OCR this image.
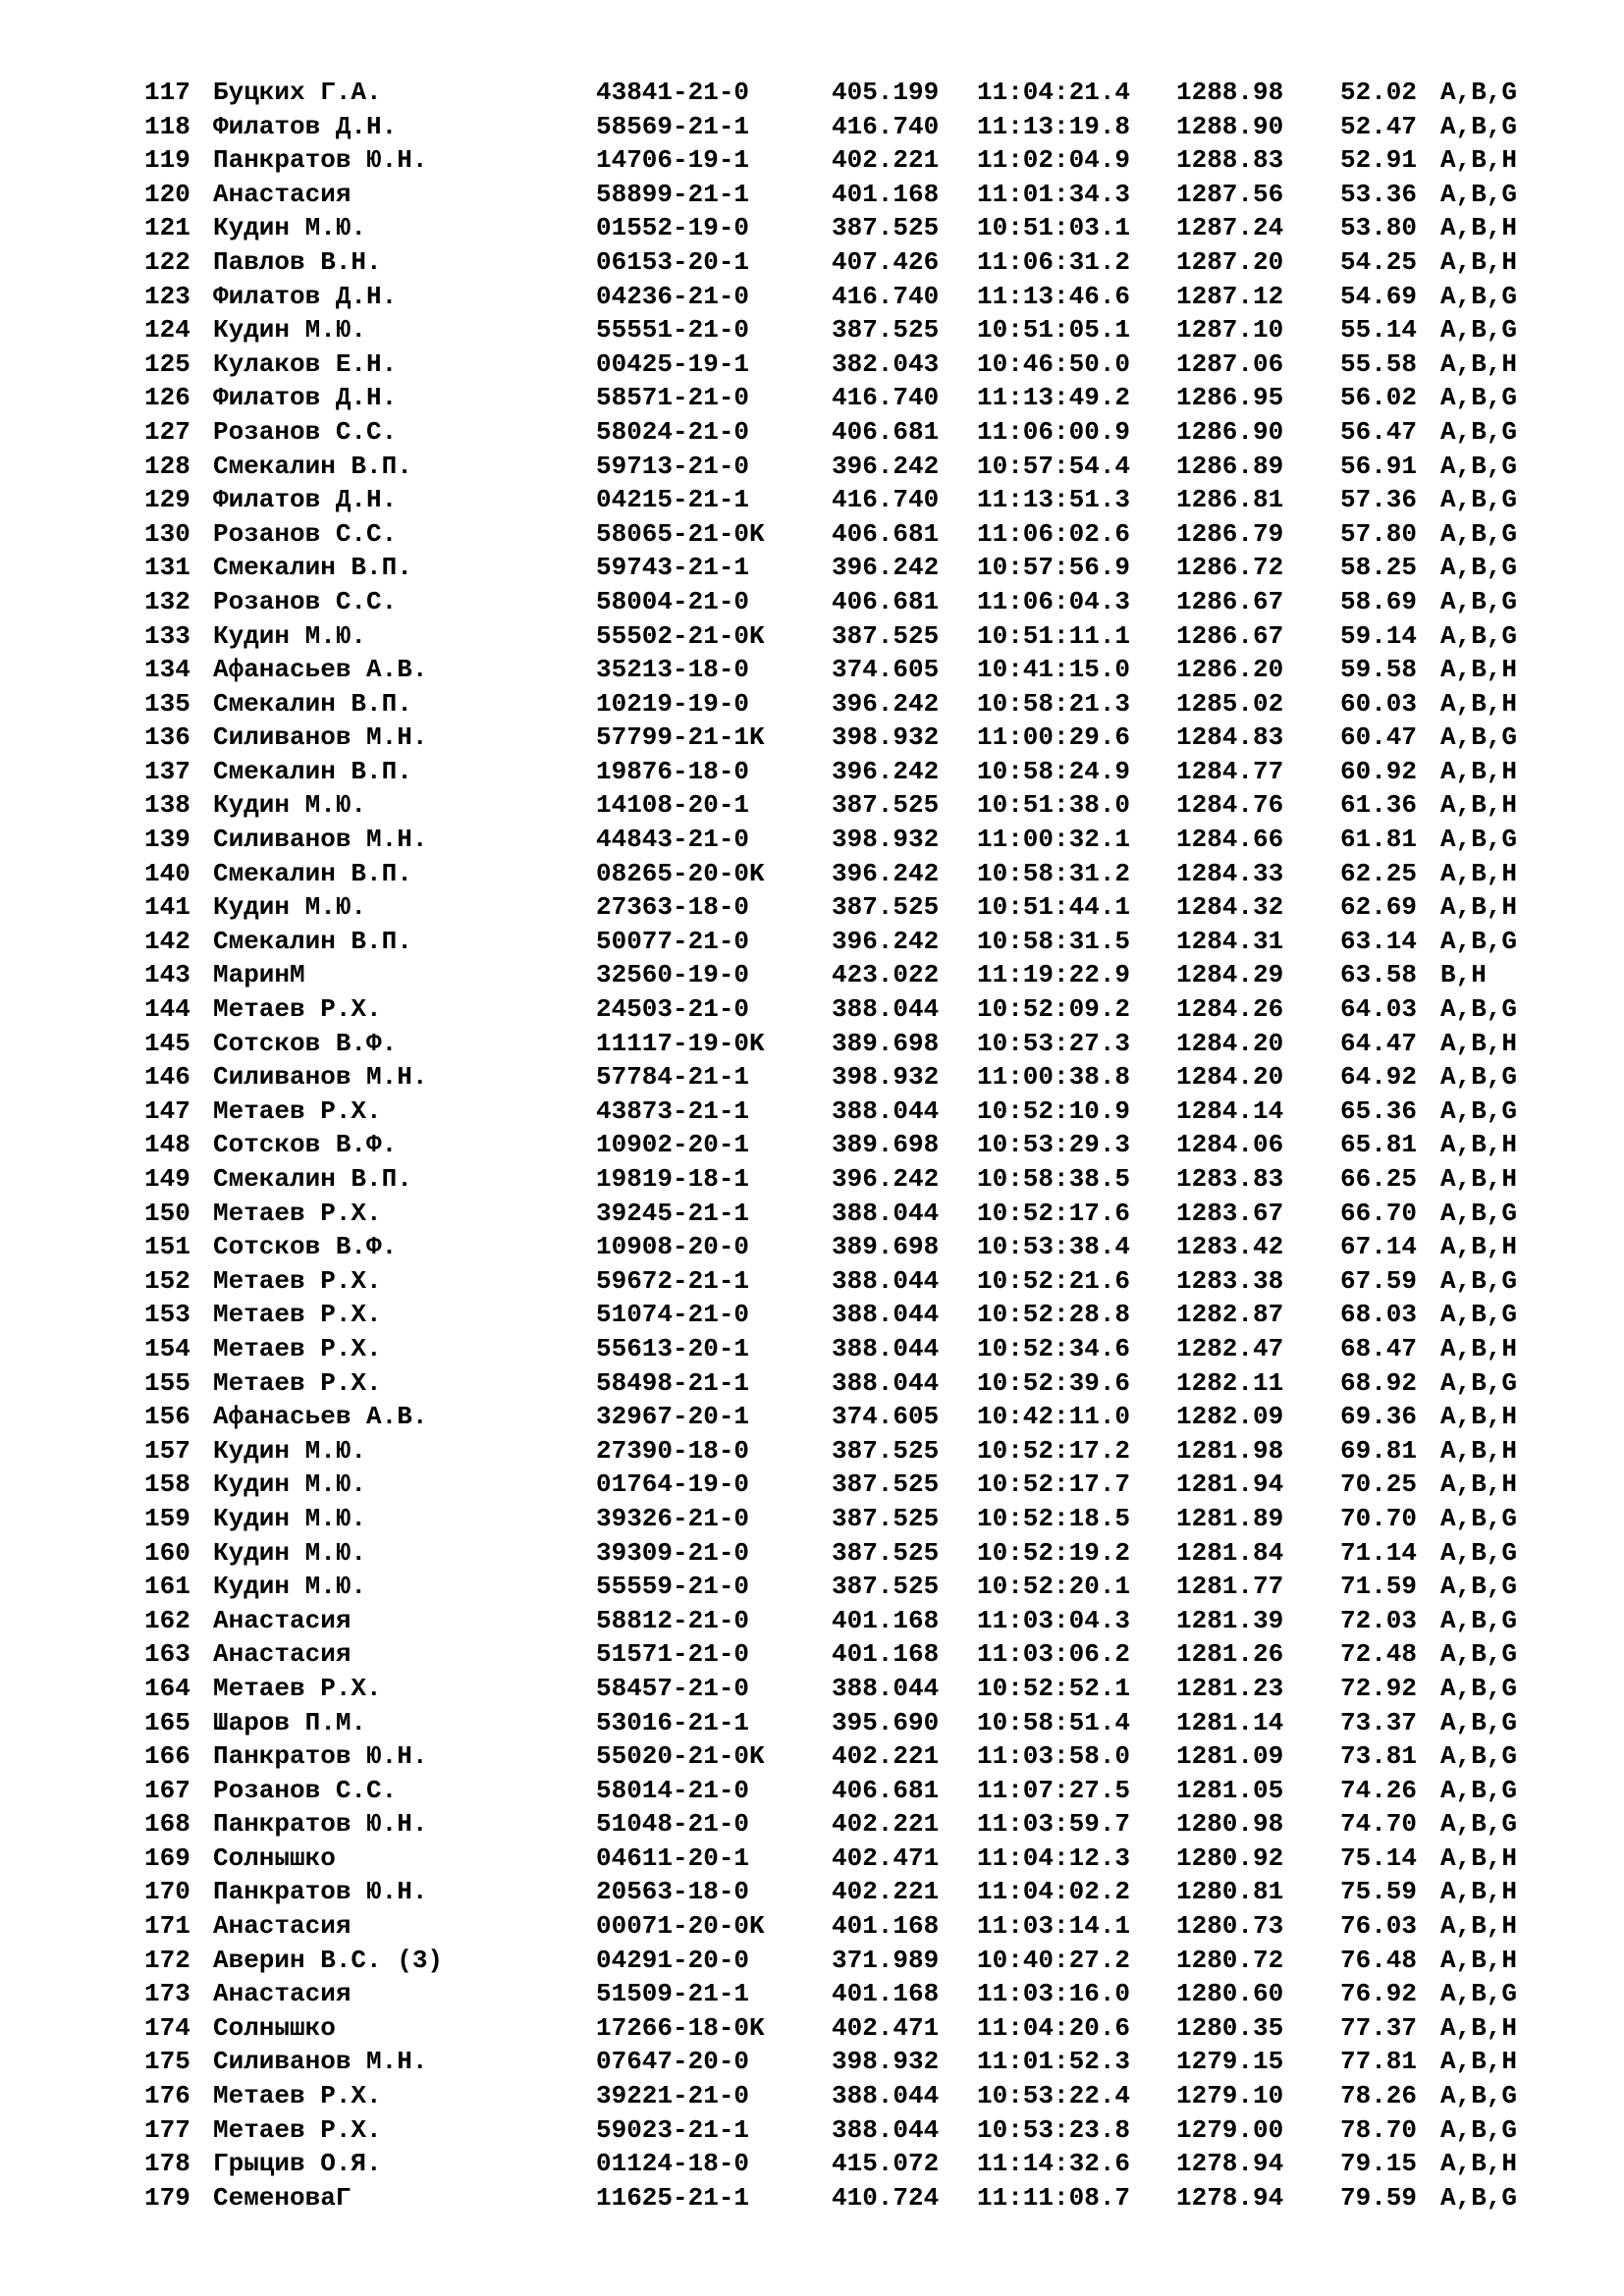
117 Буцких Г.А.	43841-21-0	405.199 11:04:21.4 1288.98 52.02 A,B,G
118 Филатов Д.Н.	58569-21-1	416.740 11:13:19.8 1288.90 52.47 A,B,G
119 Панкратов Ю.Н.	14706-19-1	402.221 11:02:04.9 1288.83 52.91 A,B,H
120 Анастасия	58899-21-1	401.168 11:01:34.3 1287.56 53.36 A,B,G
121 Кудин М.Ю.	01552-19-0	387.525 10:51:03.1 1287.24 53.80 A,B,H
122 Павлов В.Н.	06153-20-1	407.426 11:06:31.2 1287.20 54.25 A,B,H
123 Филатов Д.Н.	04236-21-0	416.740 11:13:46.6 1287.12 54.69 A,B,G
124 Кудин М.Ю.	55551-21-0	387.525 10:51:05.1 1287.10 55.14 A,B,G
125 Кулаков Е.Н.	00425-19-1	382.043 10:46:50.0 1287.06 55.58 A,B,H
126 Филатов Д.Н.	58571-21-0	416.740 11:13:49.2 1286.95 56.02 A,B,G
127 Розанов С.С.	58024-21-0	406.681 11:06:00.9 1286.90 56.47 A,B,G
128 Смекалин В.П.	59713-21-0	396.242 10:57:54.4 1286.89 56.91 A,B,G
129 Филатов Д.Н.	04215-21-1	416.740 11:13:51.3 1286.81 57.36 A,B,G
130 Розанов С.С.	58065-21-0K	406.681 11:06:02.6 1286.79 57.80 A,B,G
131 Смекалин В.П.	59743-21-1	396.242 10:57:56.9 1286.72 58.25 A,B,G
132 Розанов С.С.	58004-21-0	406.681 11:06:04.3 1286.67 58.69 A,B,G
133 Кудин М.Ю.	55502-21-0K	387.525 10:51:11.1 1286.67 59.14 A,B,G
134 Афанасьев А.В.	35213-18-0	374.605 10:41:15.0 1286.20 59.58 A,B,H
135 Смекалин В.П.	10219-19-0	396.242 10:58:21.3 1285.02 60.03 A,B,H
136 Силиванов М.Н.	57799-21-1K	398.932 11:00:29.6 1284.83 60.47 A,B,G
137 Смекалин В.П.	19876-18-0	396.242 10:58:24.9 1284.77 60.92 A,B,H
138 Кудин М.Ю.	14108-20-1	387.525 10:51:38.0 1284.76 61.36 A,B,H
139 Силиванов М.Н.	44843-21-0	398.932 11:00:32.1 1284.66 61.81 A,B,G
140 Смекалин В.П.	08265-20-0K	396.242 10:58:31.2 1284.33 62.25 A,B,H
141 Кудин М.Ю.	27363-18-0	387.525 10:51:44.1 1284.32 62.69 A,B,H
142 Смекалин В.П.	50077-21-0	396.242 10:58:31.5 1284.31 63.14 A,B,G
143 МаринМ	32560-19-0	423.022 11:19:22.9 1284.29 63.58 B,H
144 Метаев Р.Х.	24503-21-0	388.044 10:52:09.2 1284.26 64.03 A,B,G
145 Сотсков В.Ф.	11117-19-0K	389.698 10:53:27.3 1284.20 64.47 A,B,H
146 Силиванов М.Н.	57784-21-1	398.932 11:00:38.8 1284.20 64.92 A,B,G
147 Метаев Р.Х.	43873-21-1	388.044 10:52:10.9 1284.14 65.36 A,B,G
148 Сотсков В.Ф.	10902-20-1	389.698 10:53:29.3 1284.06 65.81 A,B,H
149 Смекалин В.П.	19819-18-1	396.242 10:58:38.5 1283.83 66.25 A,B,H
150 Метаев Р.Х.	39245-21-1	388.044 10:52:17.6 1283.67 66.70 A,B,G
151 Сотсков В.Ф.	10908-20-0	389.698 10:53:38.4 1283.42 67.14 A,B,H
152 Метаев Р.Х.	59672-21-1	388.044 10:52:21.6 1283.38 67.59 A,B,G
153 Метаев Р.Х.	51074-21-0	388.044 10:52:28.8 1282.87 68.03 A,B,G
154 Метаев Р.Х.	55613-20-1	388.044 10:52:34.6 1282.47 68.47 A,B,H
155 Метаев Р.Х.	58498-21-1	388.044 10:52:39.6 1282.11 68.92 A,B,G
156 Афанасьев А.В.	32967-20-1	374.605 10:42:11.0 1282.09 69.36 A,B,H
157 Кудин М.Ю.	27390-18-0	387.525 10:52:17.2 1281.98 69.81 A,B,H
158 Кудин М.Ю.	01764-19-0	387.525 10:52:17.7 1281.94 70.25 A,B,H
159 Кудин М.Ю.	39326-21-0	387.525 10:52:18.5 1281.89 70.70 A,B,G
160 Кудин М.Ю.	39309-21-0	387.525 10:52:19.2 1281.84 71.14 A,B,G
161 Кудин М.Ю.	55559-21-0	387.525 10:52:20.1 1281.77 71.59 A,B,G
162 Анастасия	58812-21-0	401.168 11:03:04.3 1281.39 72.03 A,B,G
163 Анастасия	51571-21-0	401.168 11:03:06.2 1281.26 72.48 A,B,G
164 Метаев Р.Х.	58457-21-0	388.044 10:52:52.1 1281.23 72.92 A,B,G
165 Шаров П.М.	53016-21-1	395.690 10:58:51.4 1281.14 73.37 A,B,G
166 Панкратов Ю.Н.	55020-21-0K	402.221 11:03:58.0 1281.09 73.81 A,B,G
167 Розанов С.С.	58014-21-0	406.681 11:07:27.5 1281.05 74.26 A,B,G
168 Панкратов Ю.Н.	51048-21-0	402.221 11:03:59.7 1280.98 74.70 A,B,G
169 Солнышко	04611-20-1	402.471 11:04:12.3 1280.92 75.14 A,B,H
170 Панкратов Ю.Н.	20563-18-0	402.221 11:04:02.2 1280.81 75.59 A,B,H
171 Анастасия	00071-20-0K	401.168 11:03:14.1 1280.73 76.03 A,B,H
172 Аверин В.С. (3)	04291-20-0	371.989 10:40:27.2 1280.72 76.48 A,B,H
173 Анастасия	51509-21-1	401.168 11:03:16.0 1280.60 76.92 A,B,G
174 Солнышко	17266-18-0K	402.471 11:04:20.6 1280.35 77.37 A,B,H
175 Силиванов М.Н.	07647-20-0	398.932 11:01:52.3 1279.15 77.81 A,B,H
176 Метаев Р.Х.	39221-21-0	388.044 10:53:22.4 1279.10 78.26 A,B,G
177 Метаев Р.Х.	59023-21-1	388.044 10:53:23.8 1279.00 78.70 A,B,G
178 Грыцив О.Я.	01124-18-0	415.072 11:14:32.6 1278.94 79.15 A,B,H
179 СеменоваГ	11625-21-1	410.724 11:11:08.7 1278.94 79.59 A,B,G
